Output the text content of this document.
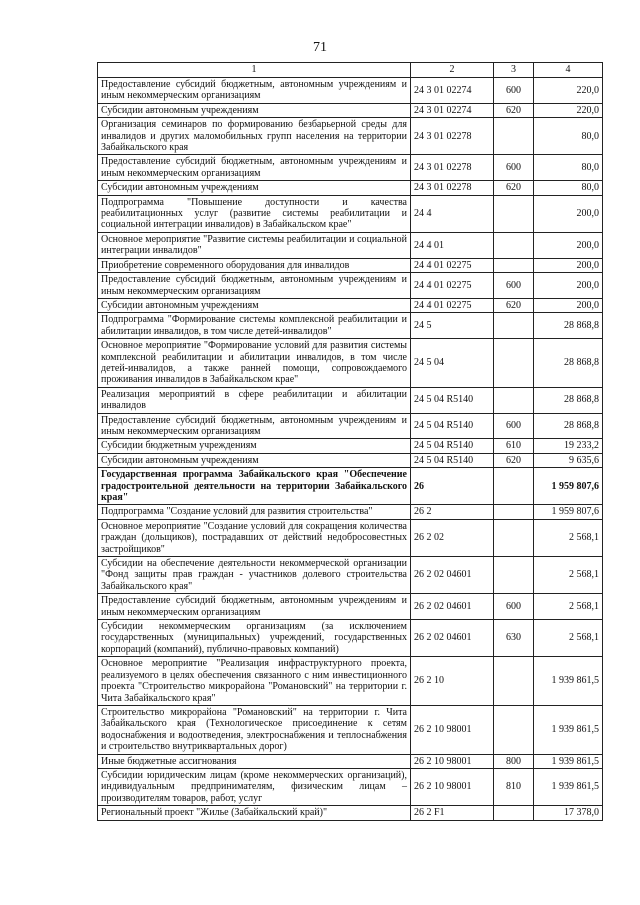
71
1	2	3	4
Предоставление субсидий бюджетным, автономным учреждениям и иным некоммерческим организациям	24 3 01 02274	600	220,0
Субсидии автономным учреждениям	24 3 01 02274	620	220,0
Организация семинаров по формированию безбарьерной среды для инвалидов и других маломобильных групп населения на территории Забайкальского края	24 3 01 02278		80,0
Предоставление субсидий бюджетным, автономным учреждениям и иным некоммерческим организациям	24 3 01 02278	600	80,0
Субсидии автономным учреждениям	24 3 01 02278	620	80,0
Подпрограмма "Повышение доступности и качества реабилитационных услуг (развитие системы реабилитации и социальной интеграции инвалидов) в Забайкальском крае"	24 4		200,0
Основное мероприятие "Развитие системы реабилитации и социальной интеграции инвалидов"	24 4 01		200,0
Приобретение современного оборудования для инвалидов	24 4 01 02275		200,0
Предоставление субсидий бюджетным, автономным учреждениям и иным некоммерческим организациям	24 4 01 02275	600	200,0
Субсидии автономным учреждениям	24 4 01 02275	620	200,0
Подпрограмма "Формирование системы комплексной реабилитации и абилитации инвалидов, в том числе детей-инвалидов"	24 5		28 868,8
Основное мероприятие "Формирование условий для развития системы комплексной реабилитации и абилитации инвалидов, в том числе детей-инвалидов, а также ранней помощи, сопровождаемого проживания инвалидов в Забайкальском крае"	24 5 04		28 868,8
Реализация мероприятий в сфере реабилитации и абилитации инвалидов	24 5 04 R5140		28 868,8
Предоставление субсидий бюджетным, автономным учреждениям и иным некоммерческим организациям	24 5 04 R5140	600	28 868,8
Субсидии бюджетным учреждениям	24 5 04 R5140	610	19 233,2
Субсидии автономным учреждениям	24 5 04 R5140	620	9 635,6
Государственная программа Забайкальского края "Обеспечение градостроительной деятельности на территории Забайкальского края"	26		1 959 807,6
Подпрограмма "Создание условий для развития строительства"	26 2		1 959 807,6
Основное мероприятие "Создание условий для сокращения количества граждан (дольщиков), пострадавших от действий недобросовестных застройщиков"	26 2 02		2 568,1
Субсидии на обеспечение деятельности некоммерческой организации "Фонд защиты прав граждан - участников долевого строительства Забайкальского края"	26 2 02 04601		2 568,1
Предоставление субсидий бюджетным, автономным учреждениям и иным некоммерческим организациям	26 2 02 04601	600	2 568,1
Субсидии некоммерческим организациям (за исключением государственных (муниципальных) учреждений, государственных корпораций (компаний), публично-правовых компаний)	26 2 02 04601	630	2 568,1
Основное мероприятие "Реализация инфраструктурного проекта, реализуемого в целях обеспечения связанного с ним инвестиционного проекта "Строительство микрорайона "Романовский" на территории г. Чита Забайкальского края"	26 2 10		1 939 861,5
Строительство микрорайона "Романовский" на территории г. Чита Забайкальского края (Технологическое присоединение к сетям водоснабжения и водоотведения, электроснабжения и теплоснабжения и строительство внутриквартальных дорог)	26 2 10 98001		1 939 861,5
Иные бюджетные ассигнования	26 2 10 98001	800	1 939 861,5
Субсидии юридическим лицам (кроме некоммерческих организаций), индивидуальным предпринимателям, физическим лицам – производителям товаров, работ, услуг	26 2 10 98001	810	1 939 861,5
Региональный проект "Жилье (Забайкальский край)"	26 2 F1		17 378,0
